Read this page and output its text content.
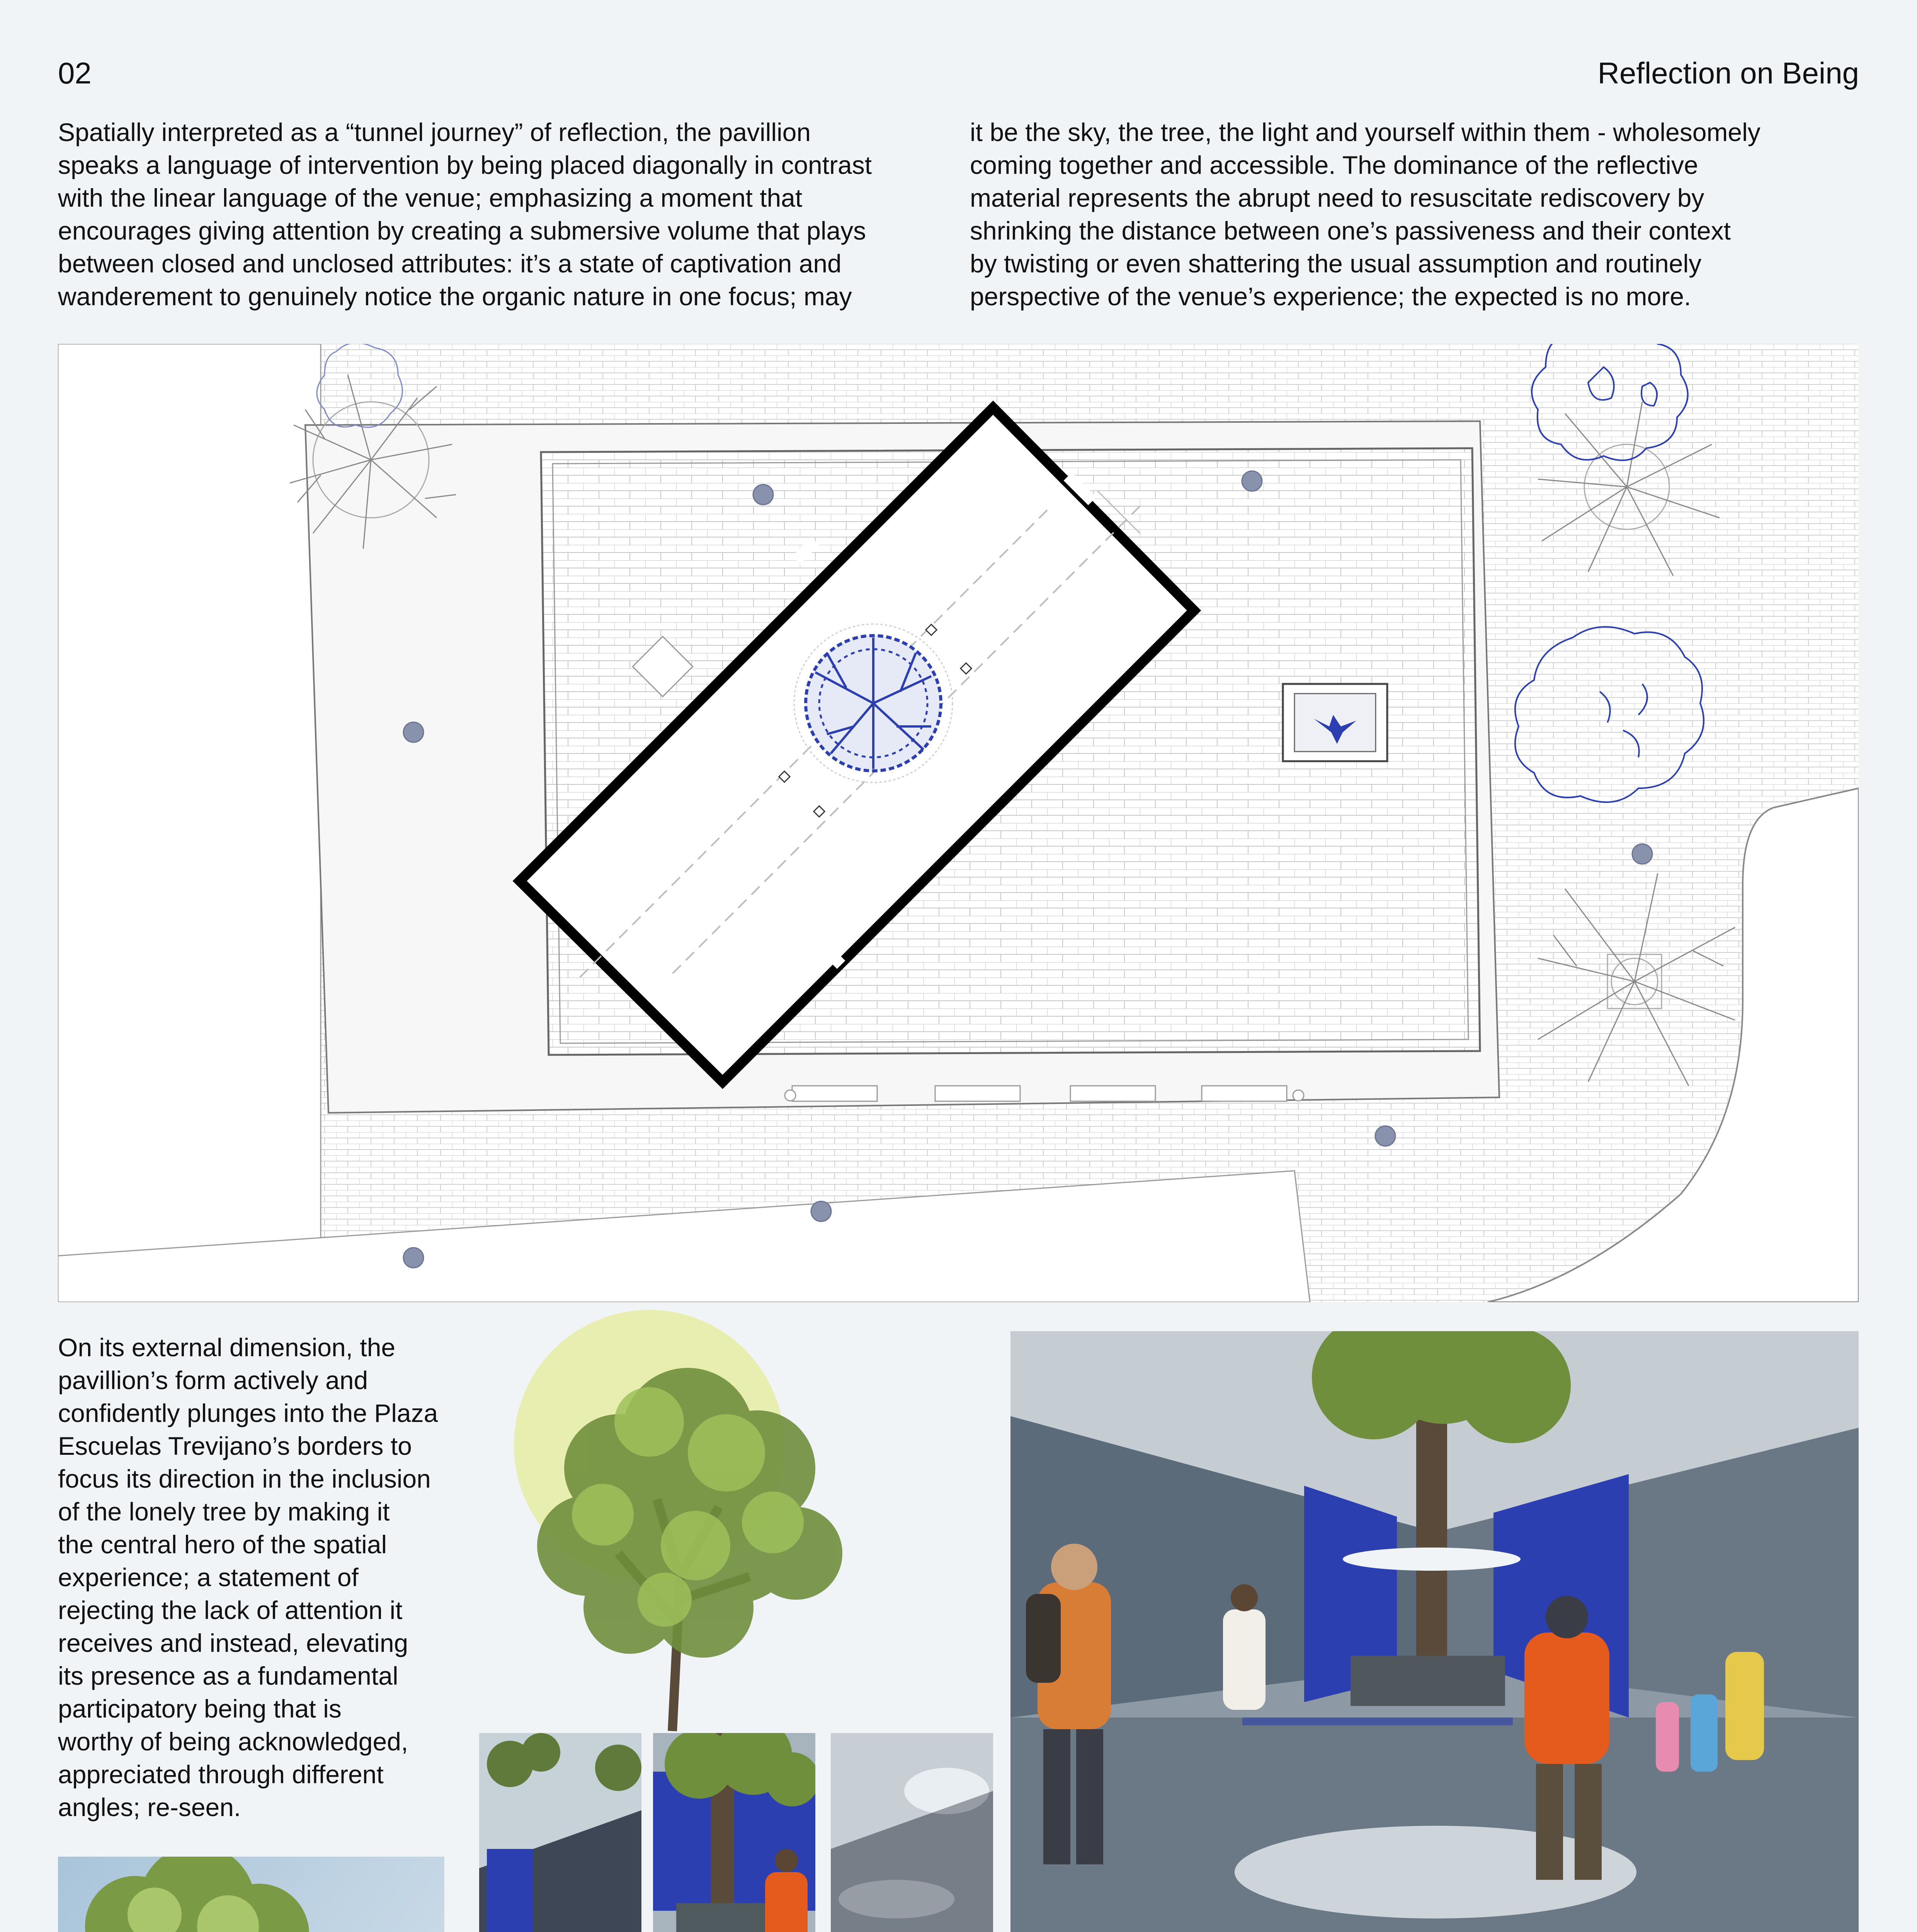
02	Reflection on Being
Spatially interpreted as a “tunnel journey” of reflection, the pavillion
speaks a language of intervention by being placed diagonally in contrast
with the linear language of the venue; emphasizing a moment that
encourages giving attention by creating a submersive volume that plays
between closed and unclosed attributes: it’s a state of captivation and
wanderement to genuinely notice the organic nature in one focus; may
it be the sky, the tree, the light and yourself within them - wholesomely
coming together and accessible. The dominance of the reflective
material represents the abrupt need to resuscitate rediscovery by
shrinking the distance between one’s passiveness and their context
by twisting or even shattering the usual assumption and routinely
perspective of the venue’s experience; the expected is no more.
On its external dimension, the
pavillion’s form actively and
confidently plunges into the Plaza
Escuelas Trevijano’s borders to
focus its direction in the inclusion
of the lonely tree by making it
the central hero of the spatial
experience; a statement of
rejecting the lack of attention it
receives and instead, elevating
its presence as a fundamental
participatory being that is
worthy of being acknowledged,
appreciated through different
angles; re-seen.
